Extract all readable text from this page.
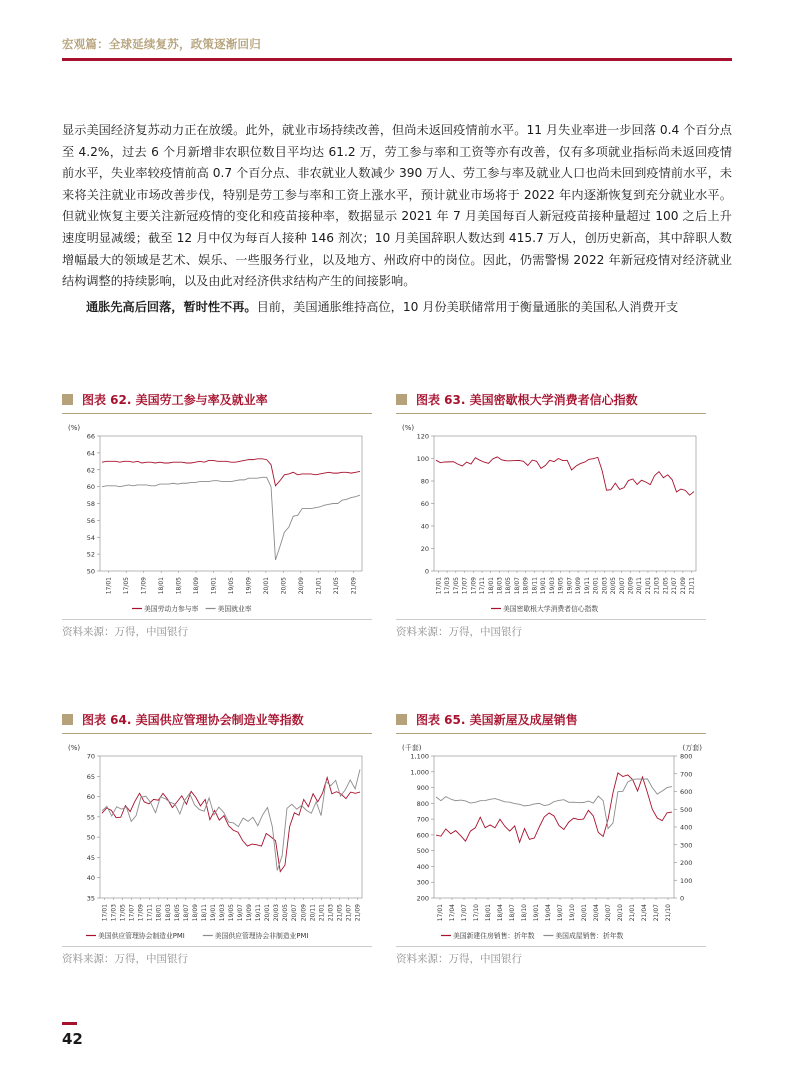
宏观篇：全球延续复苏，政策逐渐回归

显示美国经济复苏动力正在放缓。此外，就业市场持续改善，但尚未返回疫情前水平。11 月失业率进一步回落 0.4 个百分点至 4.2%，过去 6 个月新增非农职位数目平均达 61.2 万，劳工参与率和工资等亦有改善，仅有多项就业指标尚未返回疫情前水平，失业率较疫情前高 0.7 个百分点、非农就业人数减少 390 万人、劳工参与率及就业人口也尚未回到疫情前水平，未来将关注就业市场改善步伐，特别是劳工参与率和工资上涨水平，预计就业市场将于 2022 年内逐渐恢复到充分就业水平。但就业恢复主要关注新冠疫情的变化和疫苗接种率，数据显示 2021 年 7 月美国每百人新冠疫苗接种量超过 100 之后上升速度明显减缓；截至 12 月中仅为每百人接种 146 剂次；10 月美国辞职人数达到 415.7 万人，创历史新高，其中辞职人数增幅最大的领域是艺术、娱乐、一些服务行业，以及地方、州政府中的岗位。因此，仍需警惕 2022 年新冠疫情对经济就业结构调整的持续影响，以及由此对经济供求结构产生的间接影响。

通胀先高后回落，暂时性不再。目前，美国通胀维持高位，10 月份美联储常用于衡量通胀的美国私人消费开支

图表 62. 美国劳工参与率及就业率
(%)
50
52
54
56
58
60
62
64
66
17/01 17/05 17/09 18/01 18/05 18/09 19/01 19/05 19/09 20/01 20/05 20/09 21/01 21/05 21/09
美国劳动力参与率	美国就业率
资料来源：万得，中国银行
图表 63. 美国密歇根大学消费者信心指数
(%)
0
20
40
60
80
100
120
17/01 17/03 17/05 17/07 17/09 17/11 18/01 18/03 18/05 18/07 18/09 18/11 19/01 19/03 19/05 19/07 19/09 19/11 20/01 20/03 20/05 20/07 20/09 20/11 21/01 21/03 21/05 21/07 21/09 21/11
美国密歇根大学消费者信心指数
资料来源：万得，中国银行
图表 64. 美国供应管理协会制造业等指数
(%)
35
40
45
50
55
60
65
70
17/01 17/03 17/05 17/07 17/09 17/11 18/01 18/03 18/05 18/07 18/09 18/11 19/01 19/03 19/05 19/07 19/09 19/11 20/01 20/03 20/05 20/07 20/09 20/11 21/01 21/03 21/05 21/07 21/09
美国供应管理协会制造业PMI	美国供应管理协会非制造业PMI
资料来源：万得，中国银行
图表 65. 美国新屋及成屋销售
(千套)	(万套)
200
300
400
500
600
700
800
900
1,000
1,100
0
100
200
300
400
500
600
700
800
17/01 17/04 17/07 17/10 18/01 18/04 18/07 18/10 19/01 19/04 19/07 19/10 20/01 20/04 20/07 20/10 21/01 21/04 21/07 21/10
美国新建住房销售：折年数	美国成屋销售：折年数
资料来源：万得，中国银行
42
